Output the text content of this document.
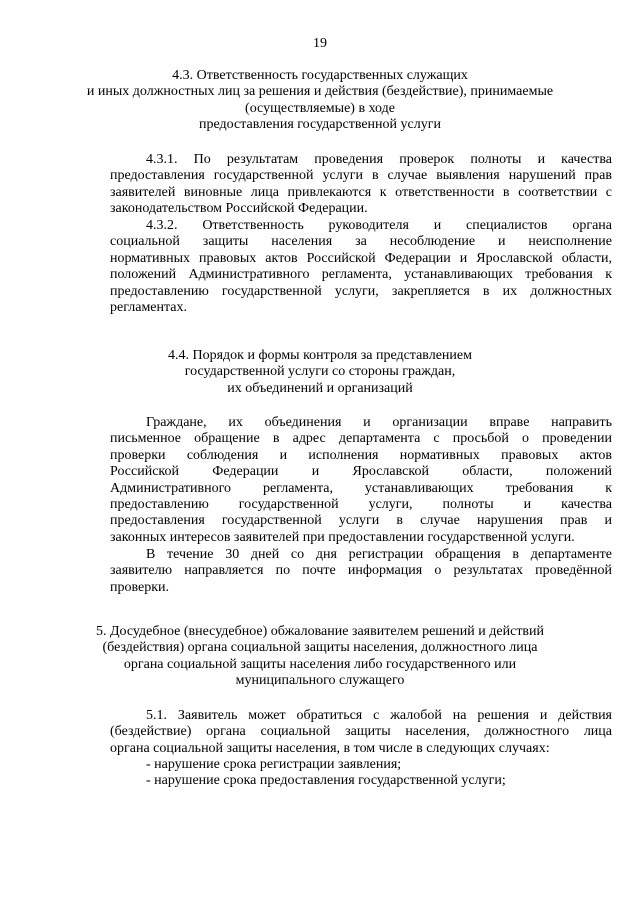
19
4.3. Ответственность государственных служащих
и иных должностных лиц за решения и действия (бездействие), принимаемые
(осуществляемые) в ходе
предоставления государственной услуги
4.3.1. По результатам проведения проверок полноты и качества
предоставления государственной услуги в случае выявления нарушений прав
заявителей виновные лица привлекаются к ответственности в соответствии с
законодательством Российской Федерации.
4.3.2. Ответственность руководителя и специалистов органа
социальной защиты населения за несоблюдение и неисполнение
нормативных правовых актов Российской Федерации и Ярославской области,
положений Административного регламента, устанавливающих требования к
предоставлению государственной услуги, закрепляется в их должностных
регламентах.
4.4. Порядок и формы контроля за представлением
государственной услуги со стороны граждан,
их объединений и организаций
Граждане, их объединения и организации вправе направить
письменное обращение в адрес департамента с просьбой о проведении
проверки соблюдения и исполнения нормативных правовых актов
Российской Федерации и Ярославской области, положений
Административного регламента, устанавливающих требования к
предоставлению государственной услуги, полноты и качества
предоставления государственной услуги в случае нарушения прав и
законных интересов заявителей при предоставлении государственной услуги.
В течение 30 дней со дня регистрации обращения в департаменте
заявителю направляется по почте информация о результатах проведённой
проверки.
5. Досудебное (внесудебное) обжалование заявителем решений и действий
(бездействия) органа социальной защиты населения, должностного лица
органа социальной защиты населения либо государственного или
муниципального служащего
5.1. Заявитель может обратиться с жалобой на решения и действия
(бездействие) органа социальной защиты населения, должностного лица
органа социальной защиты населения, в том числе в следующих случаях:
- нарушение срока регистрации заявления;
- нарушение срока предоставления государственной услуги;
